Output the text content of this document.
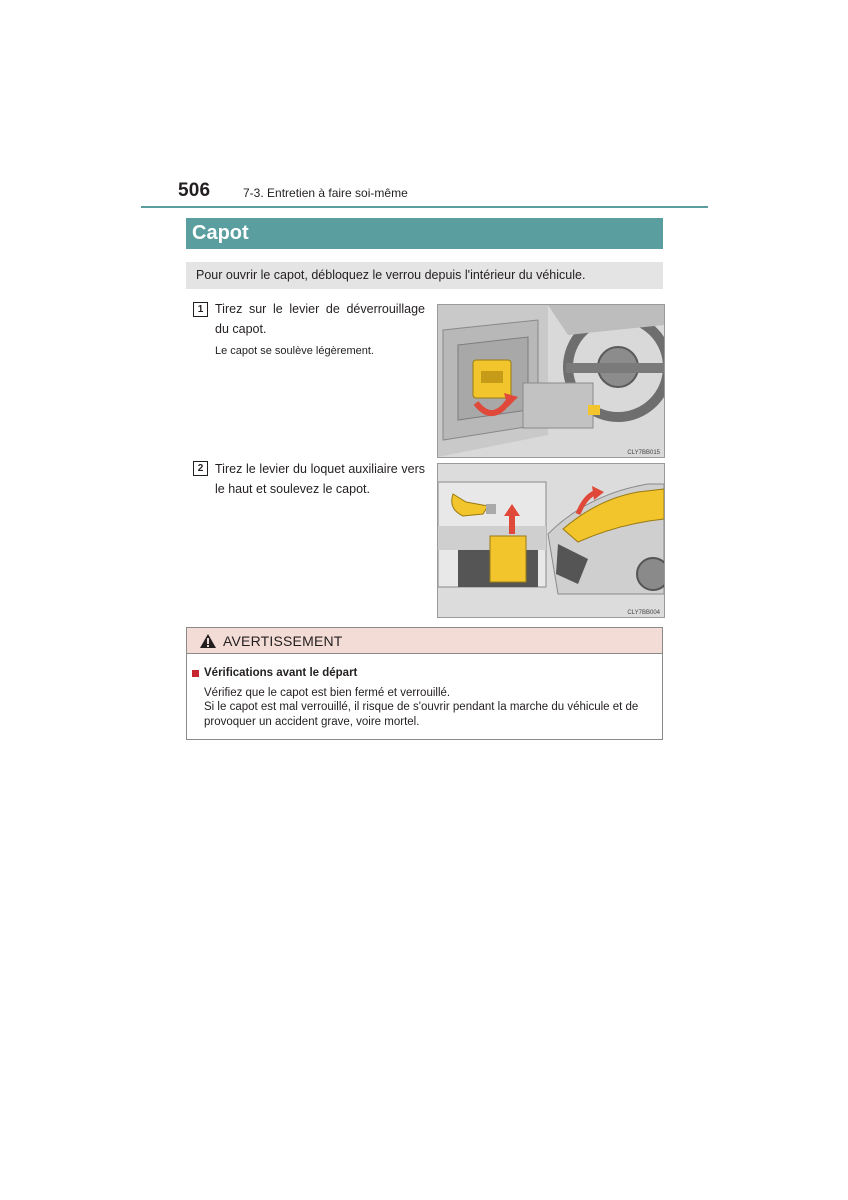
506	7-3. Entretien à faire soi-même
Capot
Pour ouvrir le capot, débloquez le verrou depuis l'intérieur du véhicule.
1 Tirez sur le levier de déverrouillage du capot.
Le capot se soulève légèrement.
CLY7BB015
2 Tirez le levier du loquet auxiliaire vers le haut et soulevez le capot.
CLY7BB004
AVERTISSEMENT
Vérifications avant le départ
Vérifiez que le capot est bien fermé et verrouillé.
Si le capot est mal verrouillé, il risque de s'ouvrir pendant la marche du véhicule et de provoquer un accident grave, voire mortel.
